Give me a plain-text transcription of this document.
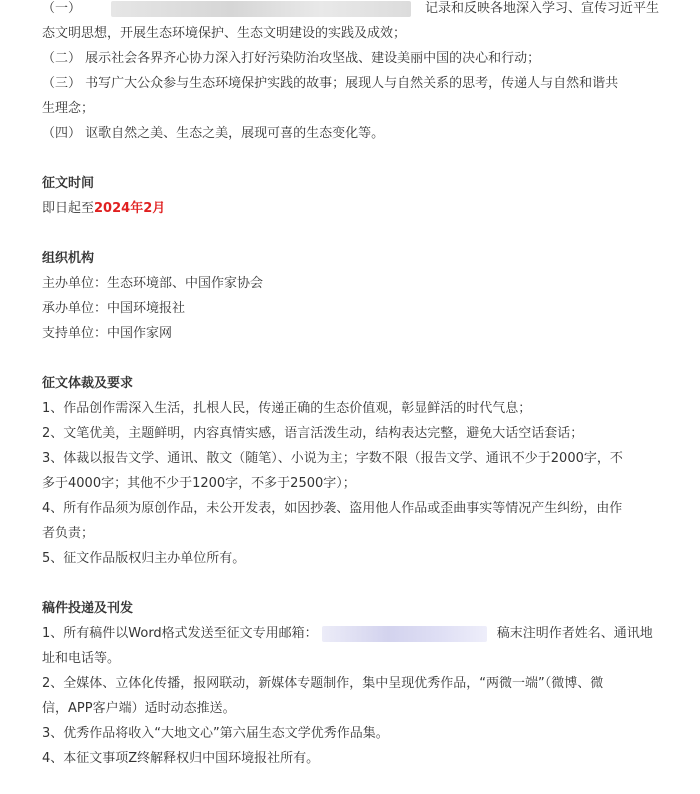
（一）	记录和反映各地深入学习、宣传习近平生
态文明思想，开展生态环境保护、生态文明建设的实践及成效；
（二） 展示社会各界齐心协力深入打好污染防治攻坚战、建设美丽中国的决心和行动；
（三） 书写广大公众参与生态环境保护实践的故事；展现人与自然关系的思考，传递人与自然和谐共
生理念；
（四） 讴歌自然之美、生态之美，展现可喜的生态变化等。
征文时间
即日起至2024年2月
组织机构
主办单位：生态环境部、中国作家协会
承办单位：中国环境报社
支持单位：中国作家网
征文体裁及要求
1、作品创作需深入生活，扎根人民，传递正确的生态价值观，彰显鲜活的时代气息；
2、文笔优美，主题鲜明，内容真情实感，语言活泼生动，结构表达完整，避免大话空话套话；
3、体裁以报告文学、通讯、散文（随笔）、小说为主；字数不限（报告文学、通讯不少于2000字，不
多于4000字；其他不少于1200字，不多于2500字）；
4、所有作品须为原创作品，未公开发表，如因抄袭、盗用他人作品或歪曲事实等情况产生纠纷，由作
者负责；
5、征文作品版权归主办单位所有。
稿件投递及刊发
1、所有稿件以Word格式发送至征文专用邮箱：	稿末注明作者姓名、通讯地
址和电话等。
2、全媒体、立体化传播，报网联动，新媒体专题制作，集中呈现优秀作品，“两微一端”（微博、微
信，APP客户端）适时动态推送。
3、优秀作品将收入“大地文心”第六届生态文学优秀作品集。
4、本征文事项Z终解释权归中国环境报社所有。
